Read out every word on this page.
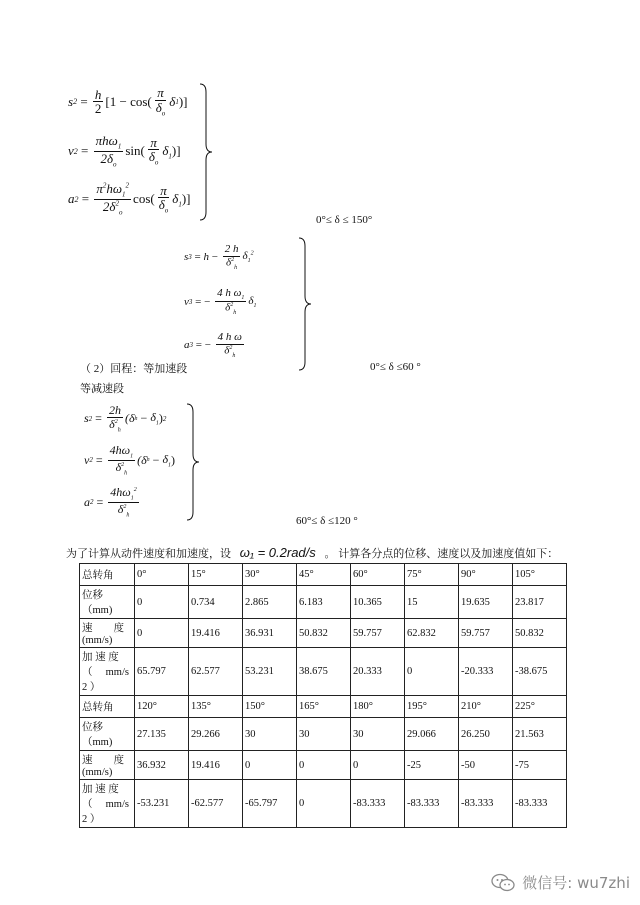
s $2 = \frac{h}{2} [1 - \cos( \frac{\pi}{\delta_o}$ δ 1 )]
v $2 = \frac{\pi h\omega_1}{2\delta_o} \sin( \frac{\pi}{\delta_o} \delta_1$ )]
a $2 = \frac{\pi^2h\omega_1^2}{2\delta^2_o} \cos( \frac{\pi}{\delta_o} \delta_1$ )]
0°≤ δ ≤ 150°
s $3 = h - \frac{2 h}{\delta^2_h} \delta_1^2$
v 3 = − $\frac{4 h \omega_1}{\delta^2_h} \delta_1$
a 3 = − $\frac{\text{4 h ω}}{\delta^2_h}$
（ 2）回程：等加速段	0°≤ δ ≤60 °
等减速段
s $2 = \frac{2h}{\delta^2_h} (\delta$ $h - \delta_1$ ) 2
v $2 = \frac{4h\omega_1}{\delta^2_h} (\delta$ $h - \delta_1$ )
a $2 = \frac{4h\omega_1^2}{\delta^2_h}$
60°≤ δ ≤120 °
为了计算从动件速度和加速度，设 ω₁ = 0.2rad/s 。 计算各分点的位移、速度以及加速度值如下：
总转角	0°	15°	30°	45°	60°	75°	90°	105°
位移（mm)	0	0.734	2.865	6.183	10.365	15	19.635	23.817

速　　度
(mm/s)	0	19.416	36.931	50.832	59.757	62.832	59.757	50.832

加 速 度
（　 mm/s
2 ）	65.797	62.577	53.231	38.675	20.333	0	-20.333	-38.675
总转角	120°	135°	150°	165°	180°	195°	210°	225°
位移（mm)	27.135	29.266	30	30	30	29.066	26.250	21.563

速　　度
(mm/s)	36.932	19.416	0	0	0	-25	-50	-75

加 速 度
（　 mm/s
2 ）	-53.231	-62.577	-65.797	0	-83.333	-83.333	-83.333	-83.333
微信号: wu7zhi
